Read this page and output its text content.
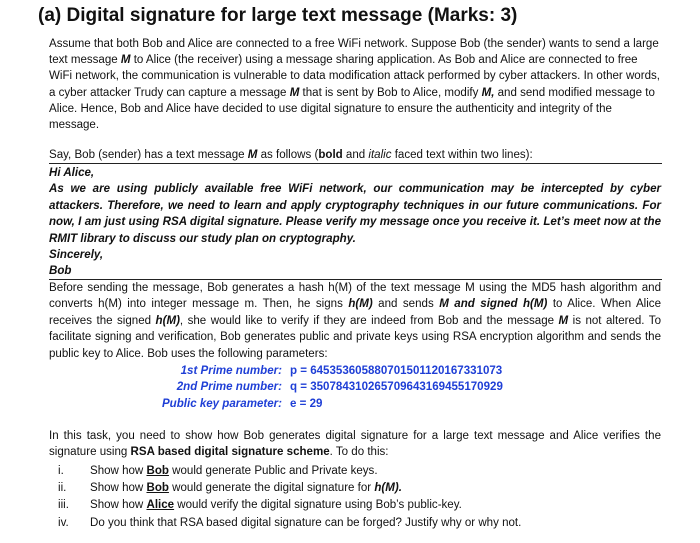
(a) Digital signature for large text message (Marks: 3)
Assume that both Bob and Alice are connected to a free WiFi network. Suppose Bob (the sender) wants to send a large text message M to Alice (the receiver) using a message sharing application. As Bob and Alice are connected to free WiFi network, the communication is vulnerable to data modification attack performed by cyber attackers. In other words, a cyber attacker Trudy can capture a message M that is sent by Bob to Alice, modify M, and send modified message to Alice. Hence, Bob and Alice have decided to use digital signature to ensure the authenticity and integrity of the message.
Say, Bob (sender) has a text message M as follows (bold and italic faced text within two lines):
Hi Alice,
As we are using publicly available free WiFi network, our communication may be intercepted by cyber attackers. Therefore, we need to learn and apply cryptography techniques in our future communications. For now, I am just using RSA digital signature. Please verify my message once you receive it. Let’s meet now at the RMIT library to discuss our study plan on cryptography.
Sincerely,
Bob
Before sending the message, Bob generates a hash h(M) of the text message M using the MD5 hash algorithm and converts h(M) into integer message m. Then, he signs h(M) and sends M and signed h(M) to Alice. When Alice receives the signed h(M), she would like to verify if they are indeed from Bob and the message M is not altered. To facilitate signing and verification, Bob generates public and private keys using RSA encryption algorithm and sends the public key to Alice. Bob uses the following parameters:
1st Prime number: p = 645353605880701501120167331073
2nd Prime number: q = 350784310265709643169455170929
Public key parameter: e = 29
In this task, you need to show how Bob generates digital signature for a large text message and Alice verifies the signature using RSA based digital signature scheme. To do this:
i.	Show how Bob would generate Public and Private keys.
ii.	Show how Bob would generate the digital signature for h(M).
iii.	Show how Alice would verify the digital signature using Bob’s public-key.
iv.	Do you think that RSA based digital signature can be forged? Justify why or why not.
